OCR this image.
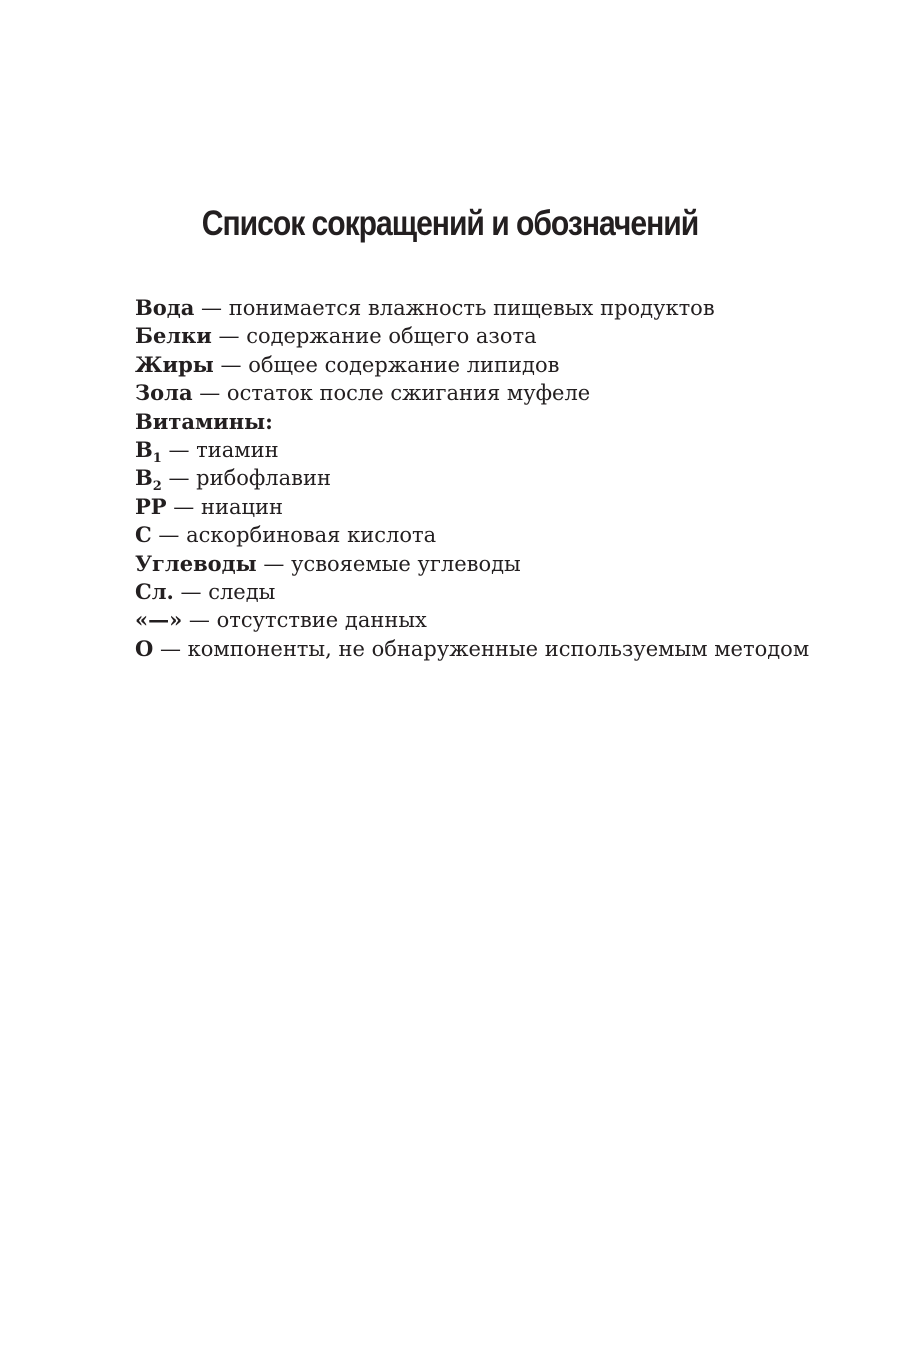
Список сокращений и обозначений
Вода — понимается влажность пищевых продуктов
Белки — содержание общего азота
Жиры — общее содержание липидов
Зола — остаток после сжигания муфеле
Витамины:
$B_1$ — тиамин
$B_2$ — рибофлавин
PP — ниацин
C — аскорбиновая кислота
Углеводы — усвояемые углеводы
Сл. — следы
«—» — отсутствие данных
О — компоненты, не обнаруженные используемым методом
